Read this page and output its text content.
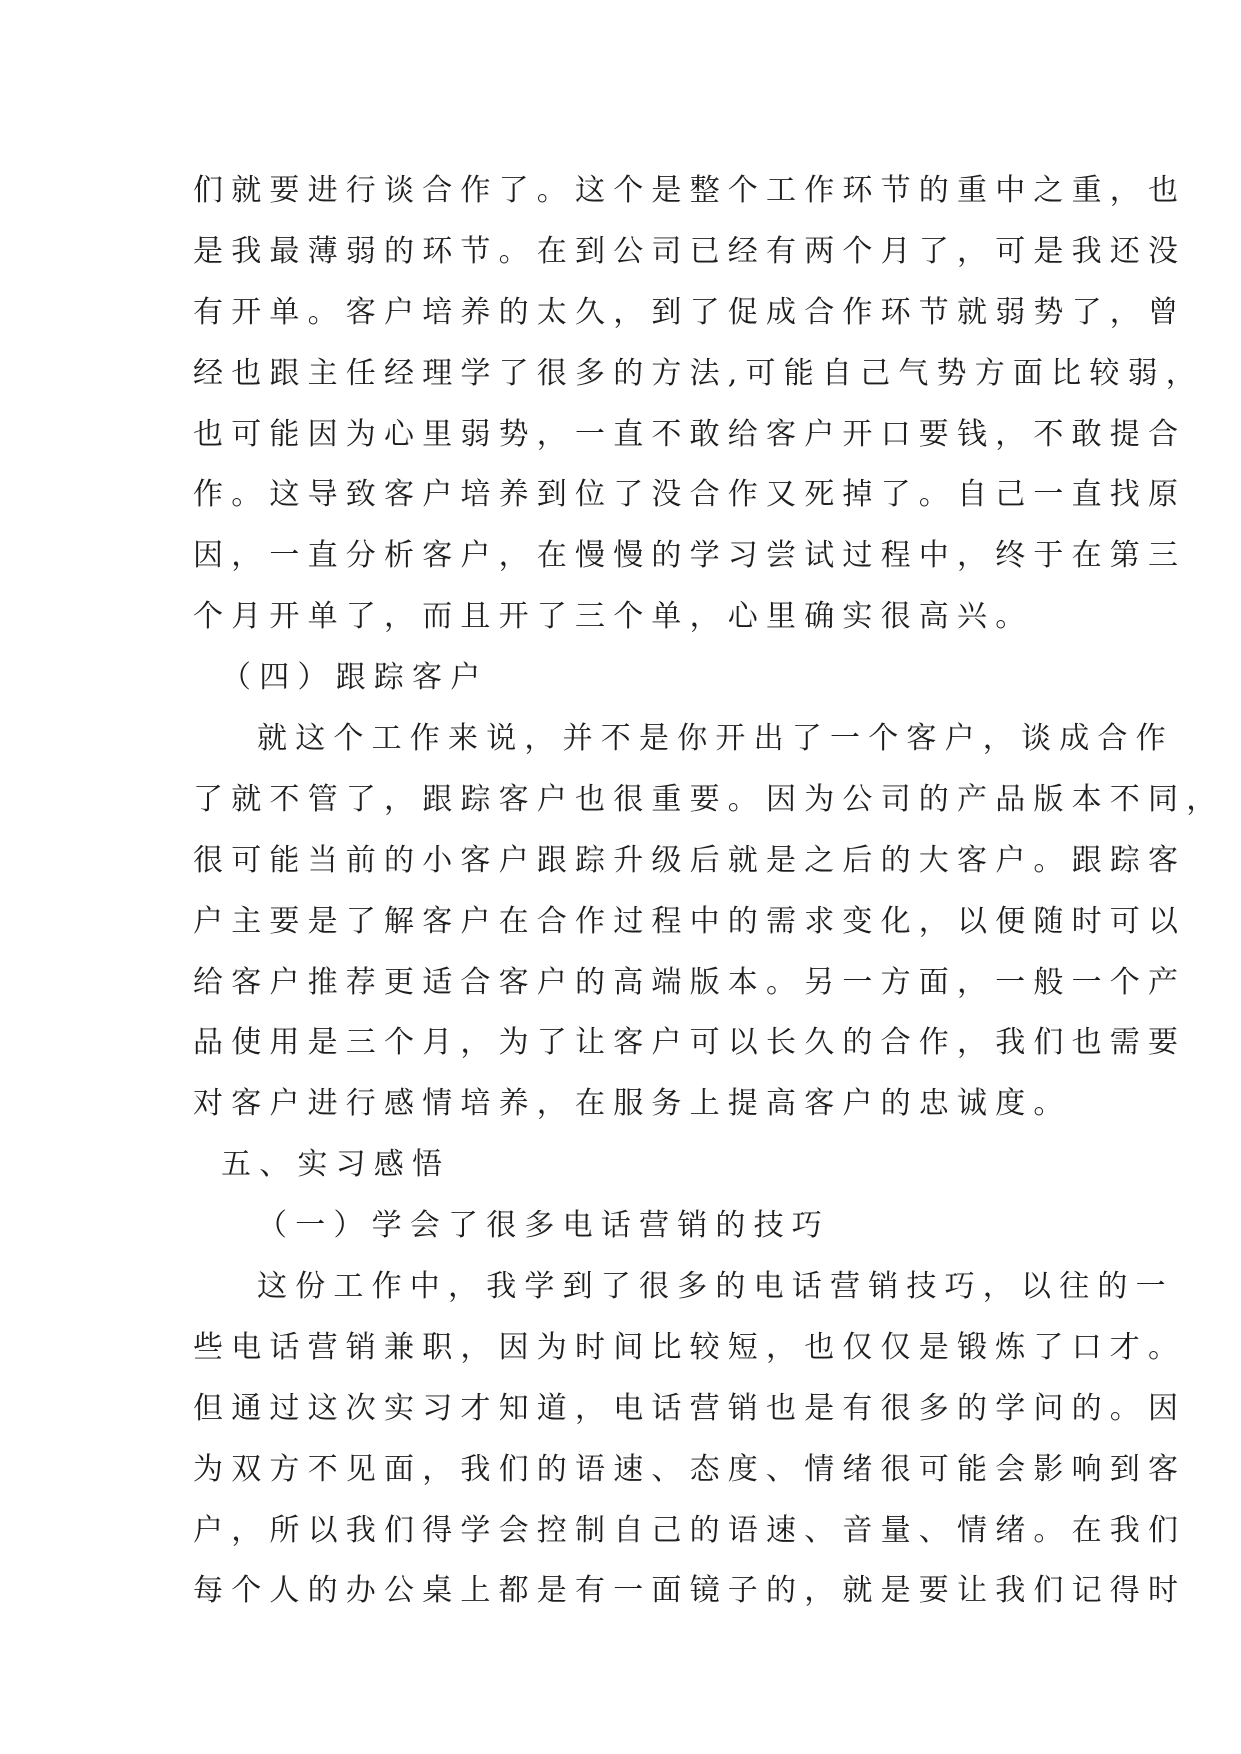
们就要进行谈合作了。这个是整个工作环节的重中之重，也
是我最薄弱的环节。在到公司已经有两个月了，可是我还没
有开单。客户培养的太久，到了促成合作环节就弱势了，曾
经也跟主任经理学了很多的方法,可能自己气势方面比较弱，
也可能因为心里弱势，一直不敢给客户开口要钱，不敢提合
作。这导致客户培养到位了没合作又死掉了。自己一直找原
因，一直分析客户，在慢慢的学习尝试过程中，终于在第三
个月开单了，而且开了三个单，心里确实很高兴。
（四）跟踪客户
就这个工作来说，并不是你开出了一个客户，谈成合作
了就不管了，跟踪客户也很重要。因为公司的产品版本不同，
很可能当前的小客户跟踪升级后就是之后的大客户。跟踪客
户主要是了解客户在合作过程中的需求变化，以便随时可以
给客户推荐更适合客户的高端版本。另一方面，一般一个产
品使用是三个月，为了让客户可以长久的合作，我们也需要
对客户进行感情培养，在服务上提高客户的忠诚度。
五、实习感悟
（一）学会了很多电话营销的技巧
这份工作中，我学到了很多的电话营销技巧，以往的一
些电话营销兼职，因为时间比较短，也仅仅是锻炼了口才。
但通过这次实习才知道，电话营销也是有很多的学问的。因
为双方不见面，我们的语速、态度、情绪很可能会影响到客
户，所以我们得学会控制自己的语速、音量、情绪。在我们
每个人的办公桌上都是有一面镜子的，就是要让我们记得时
